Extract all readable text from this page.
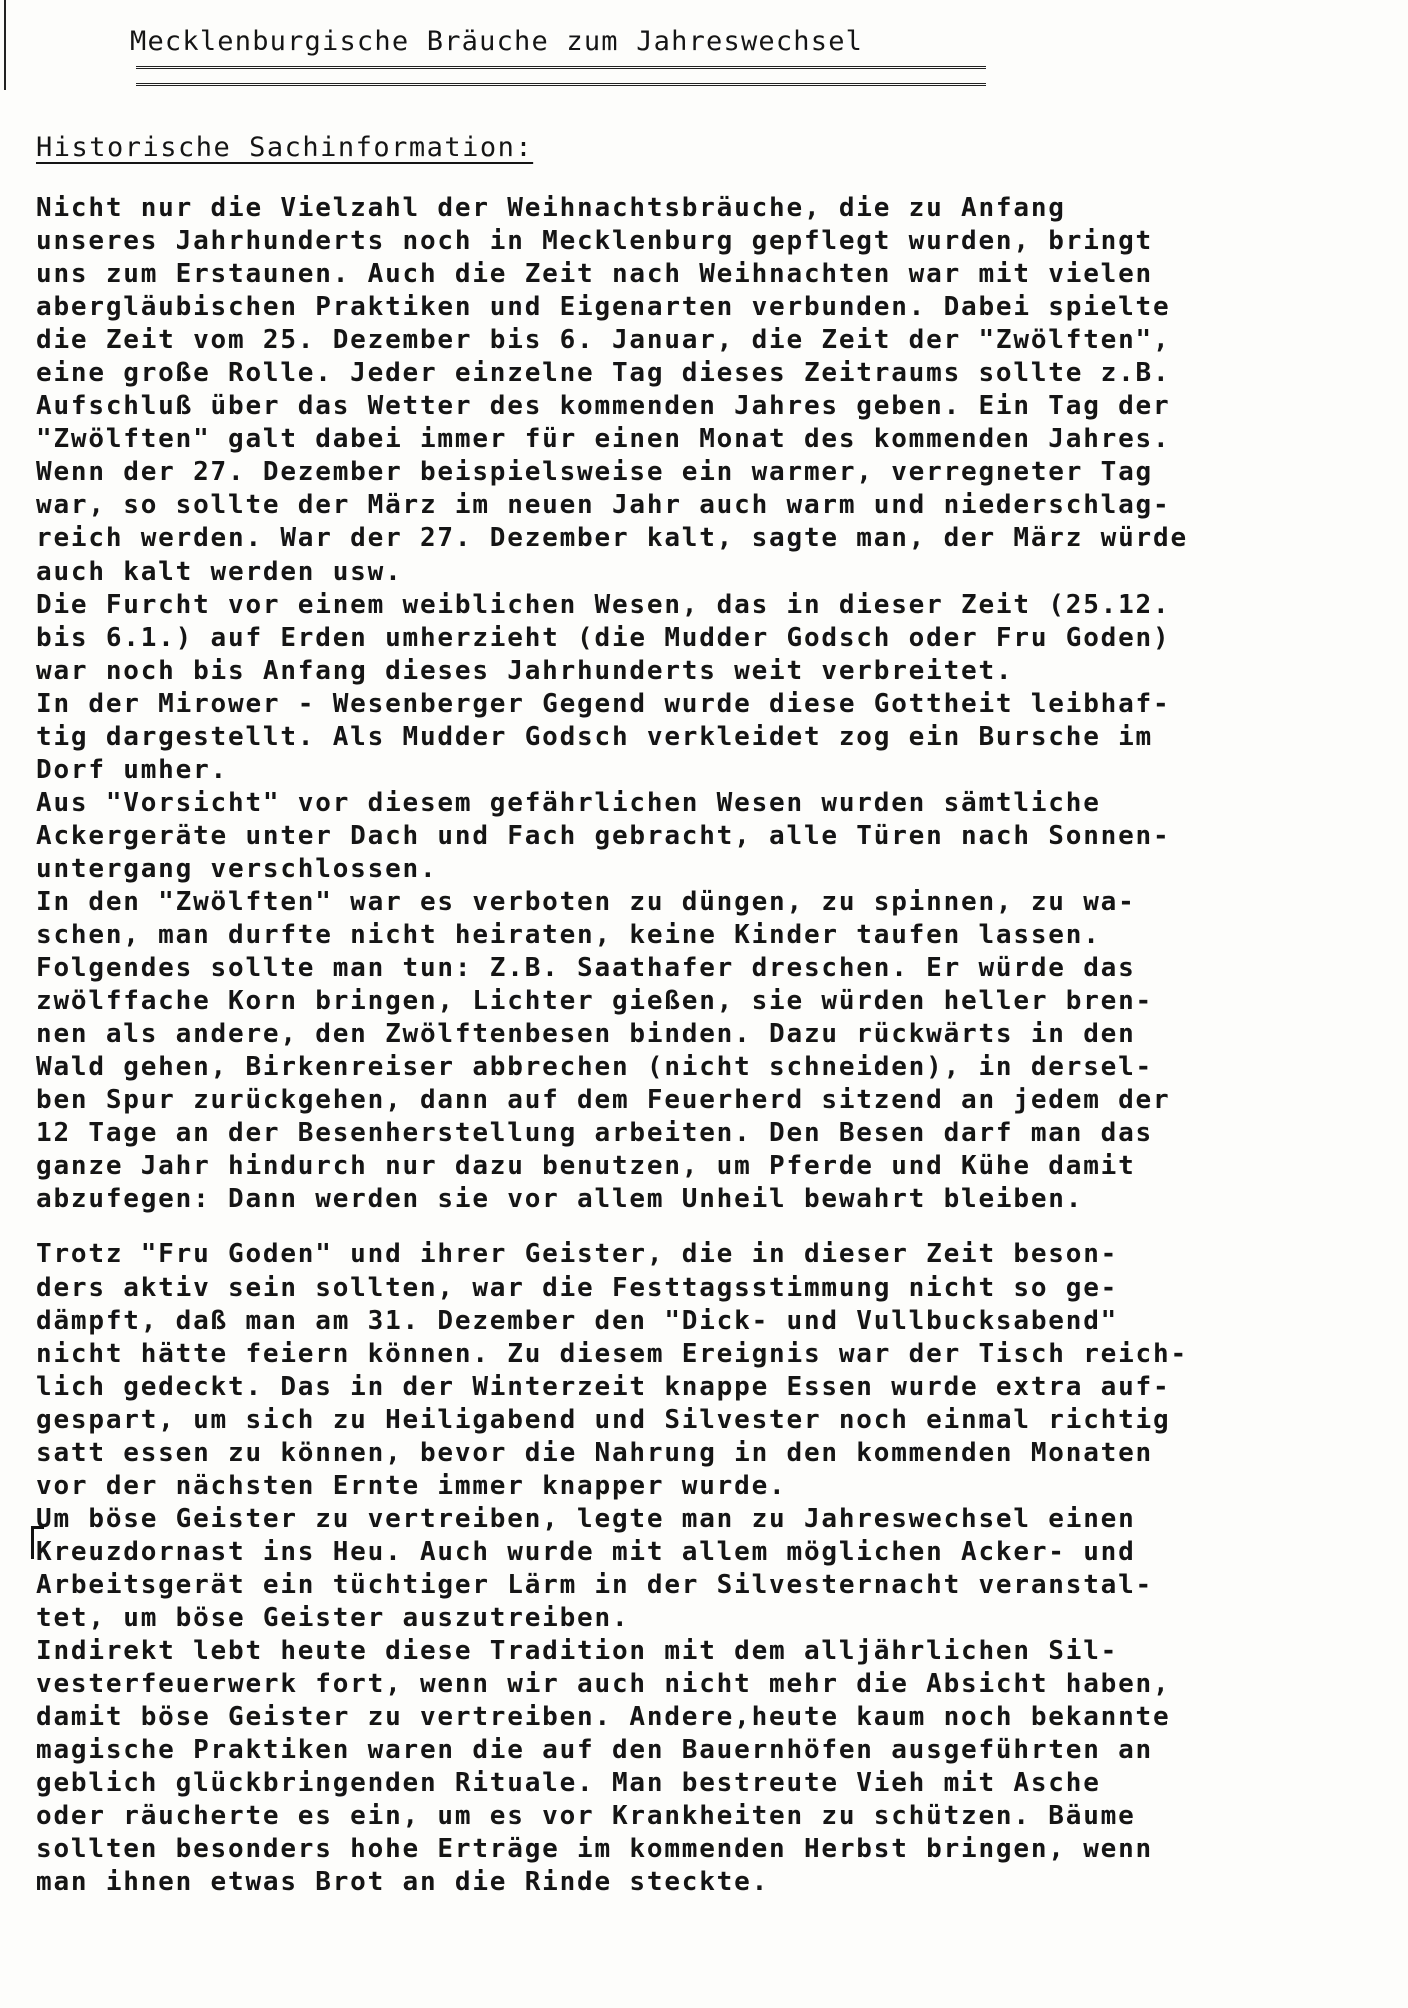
Mecklenburgische Bräuche zum Jahreswechsel
Historische Sachinformation:
Nicht nur die Vielzahl der Weihnachtsbräuche, die zu Anfang
unseres Jahrhunderts noch in Mecklenburg gepflegt wurden, bringt
uns zum Erstaunen. Auch die Zeit nach Weihnachten war mit vielen
abergläubischen Praktiken und Eigenarten verbunden. Dabei spielte
die Zeit vom 25. Dezember bis 6. Januar, die Zeit der "Zwölften",
eine große Rolle. Jeder einzelne Tag dieses Zeitraums sollte z.B.
Aufschluß über das Wetter des kommenden Jahres geben. Ein Tag der
"Zwölften" galt dabei immer für einen Monat des kommenden Jahres.
Wenn der 27. Dezember beispielsweise ein warmer, verregneter Tag
war, so sollte der März im neuen Jahr auch warm und niederschlag-
reich werden. War der 27. Dezember kalt, sagte man, der März würde
auch kalt werden usw.
Die Furcht vor einem weiblichen Wesen, das in dieser Zeit (25.12.
bis 6.1.) auf Erden umherzieht (die Mudder Godsch oder Fru Goden)
war noch bis Anfang dieses Jahrhunderts weit verbreitet.
In der Mirower - Wesenberger Gegend wurde diese Gottheit leibhaf-
tig dargestellt. Als Mudder Godsch verkleidet zog ein Bursche im
Dorf umher.
Aus "Vorsicht" vor diesem gefährlichen Wesen wurden sämtliche
Ackergeräte unter Dach und Fach gebracht, alle Türen nach Sonnen-
untergang verschlossen.
In den "Zwölften" war es verboten zu düngen, zu spinnen, zu wa-
schen, man durfte nicht heiraten, keine Kinder taufen lassen.
Folgendes sollte man tun: Z.B. Saathafer dreschen. Er würde das
zwölffache Korn bringen, Lichter gießen, sie würden heller bren-
nen als andere, den Zwölftenbesen binden. Dazu rückwärts in den
Wald gehen, Birkenreiser abbrechen (nicht schneiden), in dersel-
ben Spur zurückgehen, dann auf dem Feuerherd sitzend an jedem der
12 Tage an der Besenherstellung arbeiten. Den Besen darf man das
ganze Jahr hindurch nur dazu benutzen, um Pferde und Kühe damit
abzufegen: Dann werden sie vor allem Unheil bewahrt bleiben.
Trotz "Fru Goden" und ihrer Geister, die in dieser Zeit beson-
ders aktiv sein sollten, war die Festtagsstimmung nicht so ge-
dämpft, daß man am 31. Dezember den "Dick- und Vullbucksabend"
nicht hätte feiern können. Zu diesem Ereignis war der Tisch reich-
lich gedeckt. Das in der Winterzeit knappe Essen wurde extra auf-
gespart, um sich zu Heiligabend und Silvester noch einmal richtig
satt essen zu können, bevor die Nahrung in den kommenden Monaten
vor der nächsten Ernte immer knapper wurde.
Um böse Geister zu vertreiben, legte man zu Jahreswechsel einen
Kreuzdornast ins Heu. Auch wurde mit allem möglichen Acker- und
Arbeitsgerät ein tüchtiger Lärm in der Silvesternacht veranstal-
tet, um böse Geister auszutreiben.
Indirekt lebt heute diese Tradition mit dem alljährlichen Sil-
vesterfeuerwerk fort, wenn wir auch nicht mehr die Absicht haben,
damit böse Geister zu vertreiben. Andere,heute kaum noch bekannte
magische Praktiken waren die auf den Bauernhöfen ausgeführten an
geblich glückbringenden Rituale. Man bestreute Vieh mit Asche
oder räucherte es ein, um es vor Krankheiten zu schützen. Bäume
sollten besonders hohe Erträge im kommenden Herbst bringen, wenn
man ihnen etwas Brot an die Rinde steckte.
